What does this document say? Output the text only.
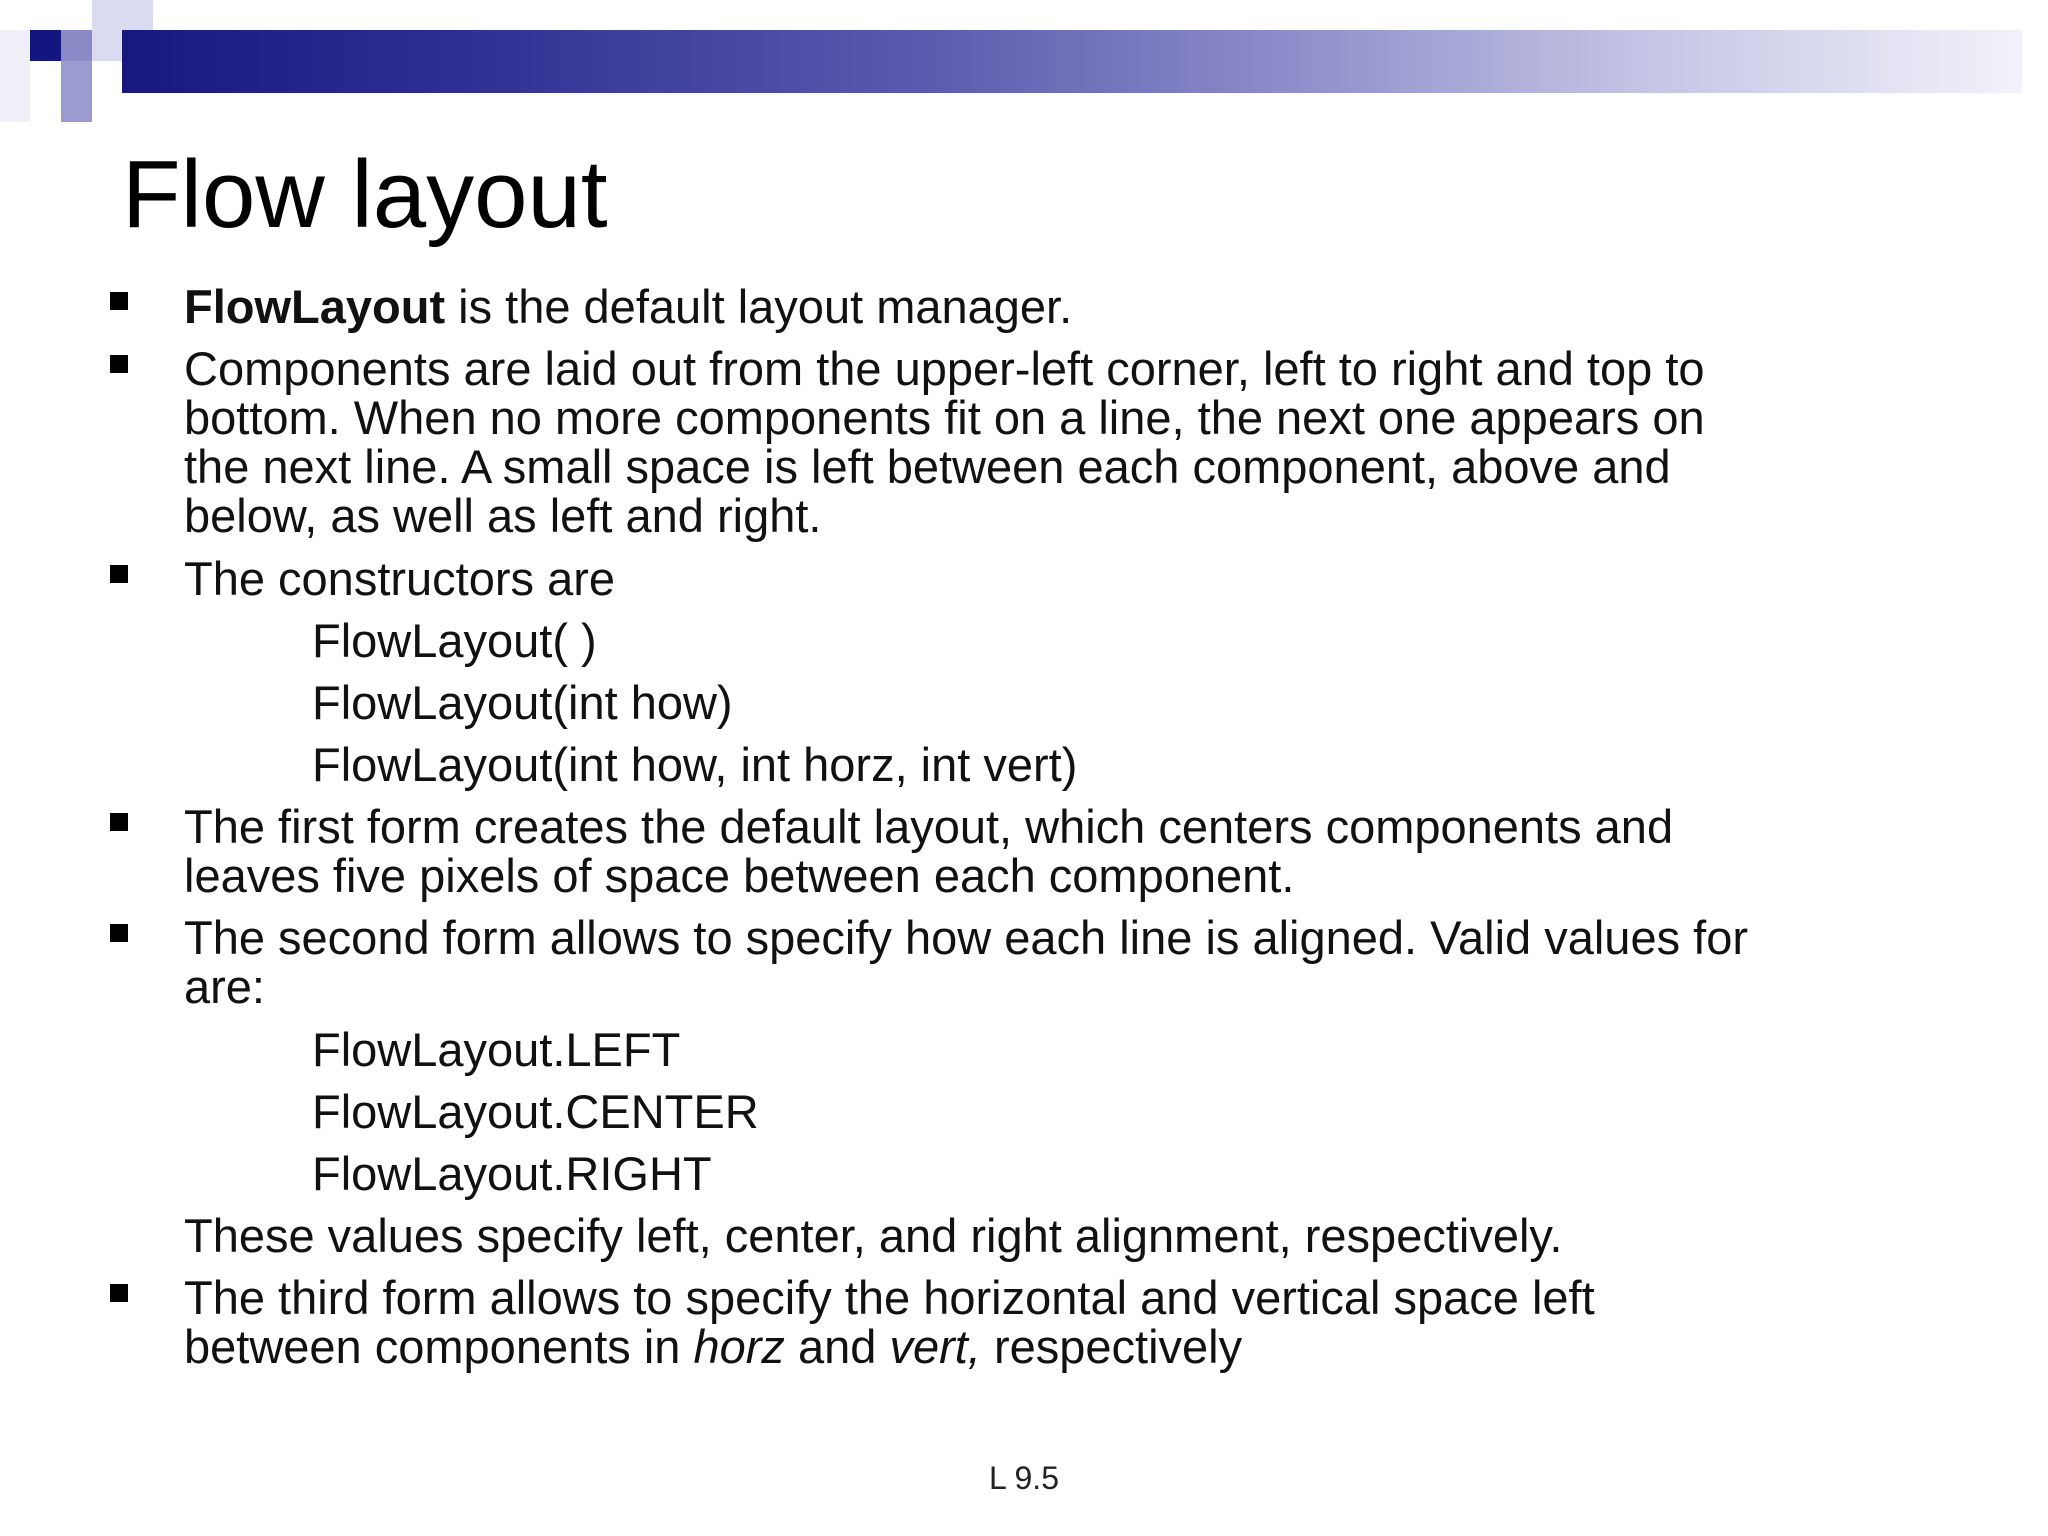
Flow layout
FlowLayout is the default layout manager.
Components are laid out from the upper-left corner, left to right and top to
bottom. When no more components fit on a line, the next one appears on
the next line. A small space is left between each component, above and
below, as well as left and right.
The constructors are
FlowLayout( )
FlowLayout(int how)
FlowLayout(int how, int horz, int vert)
The first form creates the default layout, which centers components and
leaves five pixels of space between each component.
The second form allows to specify how each line is aligned. Valid values for
are:
FlowLayout.LEFT
FlowLayout.CENTER
FlowLayout.RIGHT
These values specify left, center, and right alignment, respectively.
The third form allows to specify the horizontal and vertical space left
between components in horz and vert, respectively
L 9.5
